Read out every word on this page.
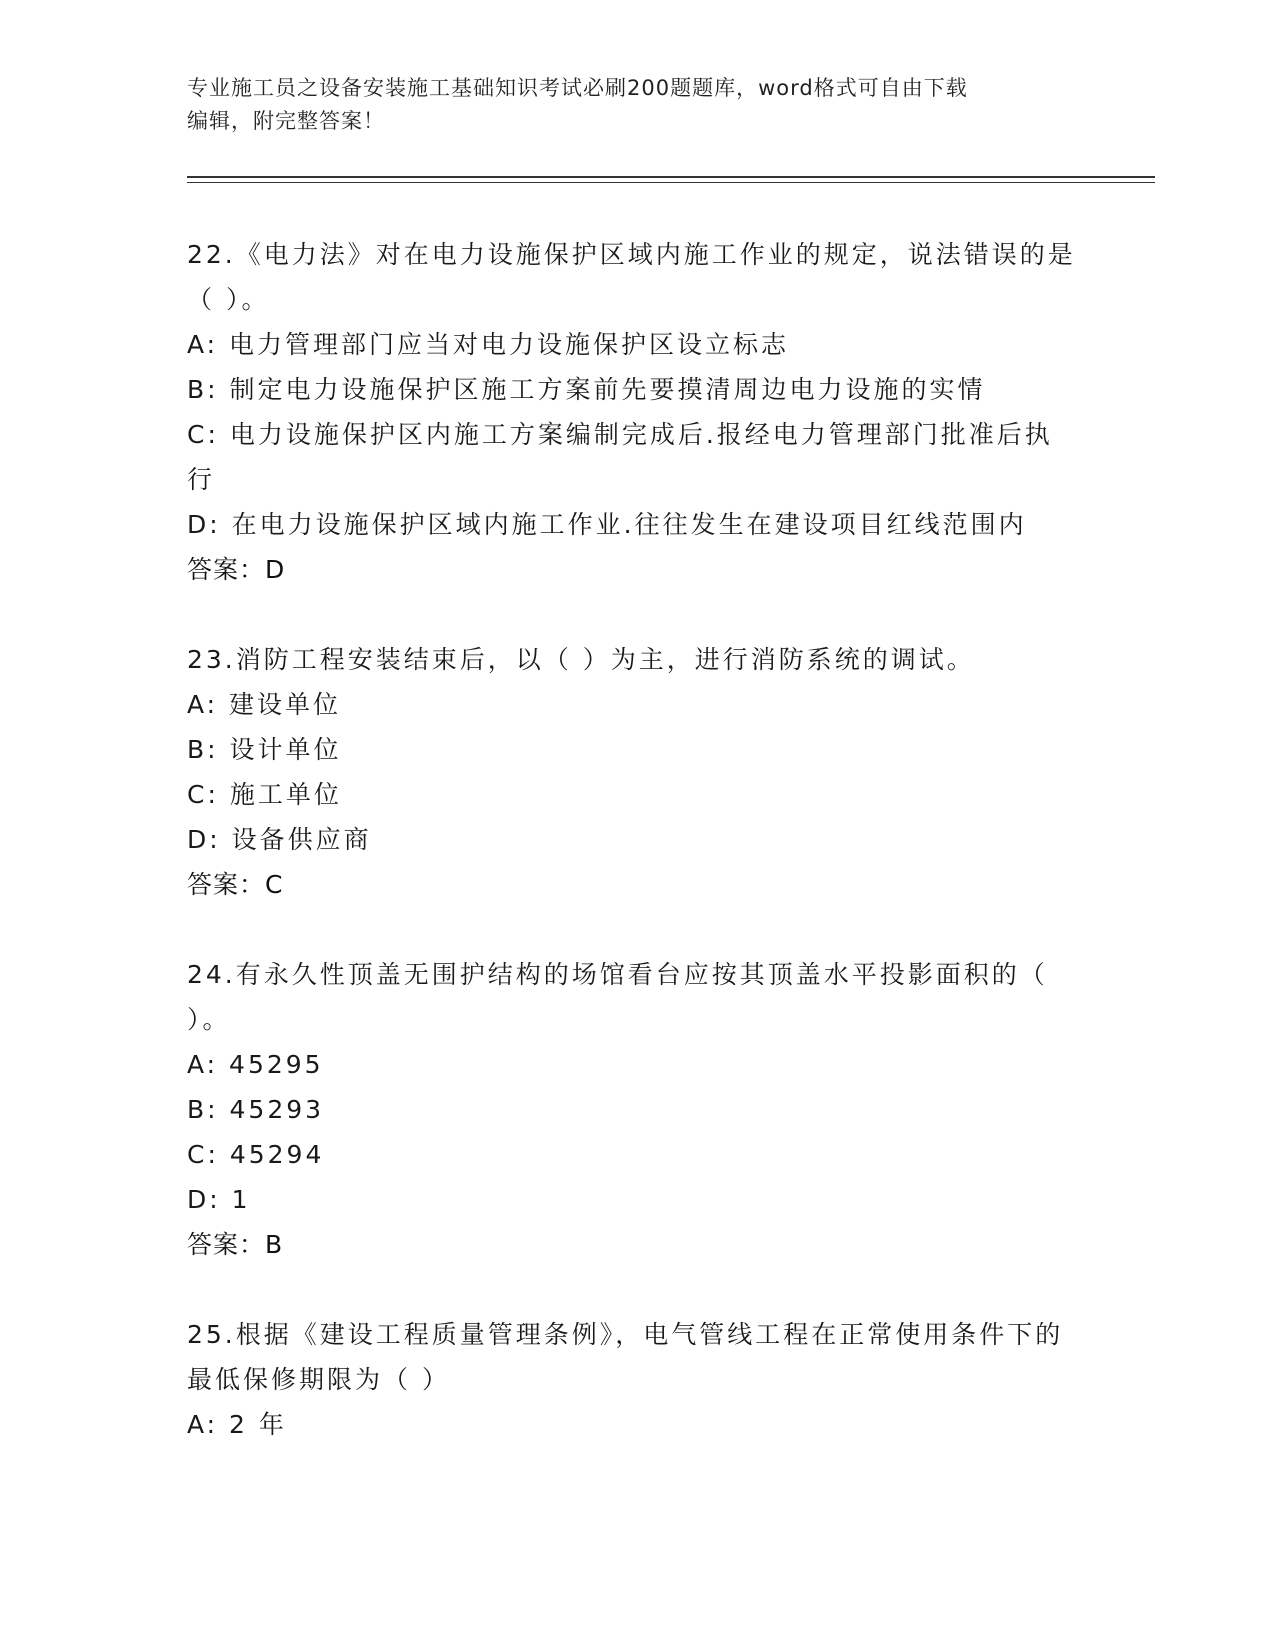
专业施工员之设备安装施工基础知识考试必刷200题题库，word格式可自由下载
编辑，附完整答案！

22.《电力法》对在电力设施保护区域内施工作业的规定，说法错误的是（ ）。

A: 电力管理部门应当对电力设施保护区设立标志

B: 制定电力设施保护区施工方案前先要摸清周边电力设施的实情

C: 电力设施保护区内施工方案编制完成后.报经电力管理部门批准后执行

D: 在电力设施保护区域内施工作业.往往发生在建设项目红线范围内

答案：D

23.消防工程安装结束后，以（ ）为主，进行消防系统的调试。

A: 建设单位

B: 设计单位

C: 施工单位

D: 设备供应商

答案：C

24.有永久性顶盖无围护结构的场馆看台应按其顶盖水平投影面积的（ ）。

A: 45295

B: 45293

C: 45294

D: 1

答案：B

25.根据《建设工程质量管理条例》，电气管线工程在正常使用条件下的最低保修期限为（ ）

A: 2 年
